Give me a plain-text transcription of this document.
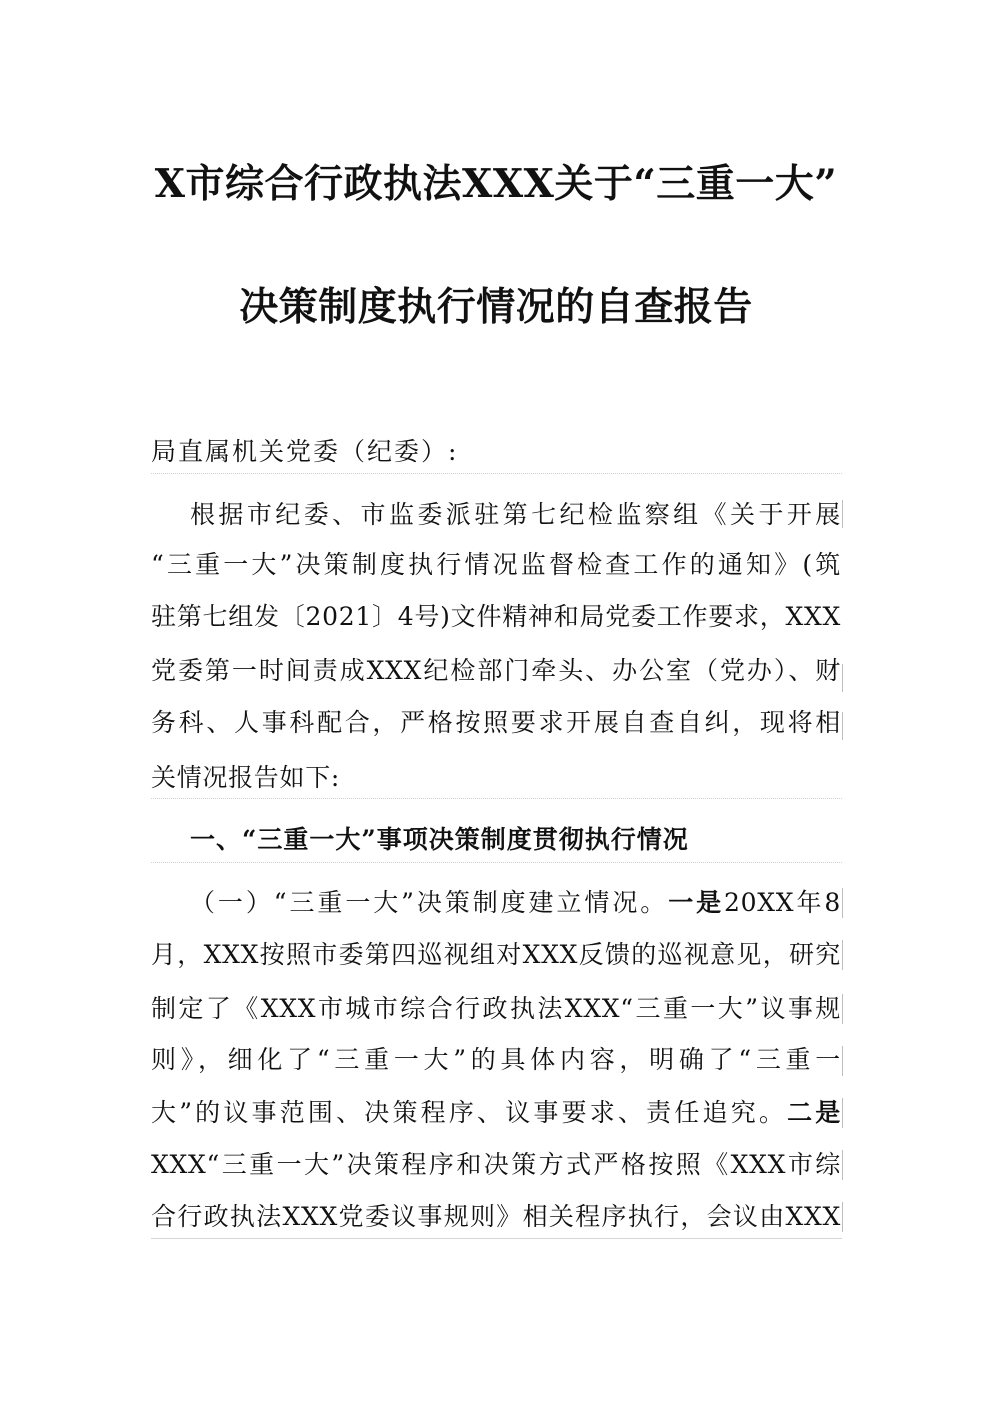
X市综合行政执法XXX关于“三重一大”
决策制度执行情况的自查报告
局直属机关党委（纪委）:
根据市纪委、市监委派驻第七纪检监察组《关于开展
“三重一大”决策制度执行情况监督检查工作的通知》(筑
驻第七组发〔2021〕4号)文件精神和局党委工作要求，XXX
党委第一时间责成XXX纪检部门牵头、办公室（党办）、财
务科、人事科配合，严格按照要求开展自查自纠，现将相
关情况报告如下:
一、“三重一大”事项决策制度贯彻执行情况
（一）“三重一大”决策制度建立情况。一是20XX年8
月，XXX按照市委第四巡视组对XXX反馈的巡视意见，研究
制定了《XXX市城市综合行政执法XXX“三重一大”议事规
则》，细化了“三重一大”的具体内容，明确了“三重一
大”的议事范围、决策程序、议事要求、责任追究。二是
XXX“三重一大”决策程序和决策方式严格按照《XXX市综
合行政执法XXX党委议事规则》相关程序执行，会议由XXX
